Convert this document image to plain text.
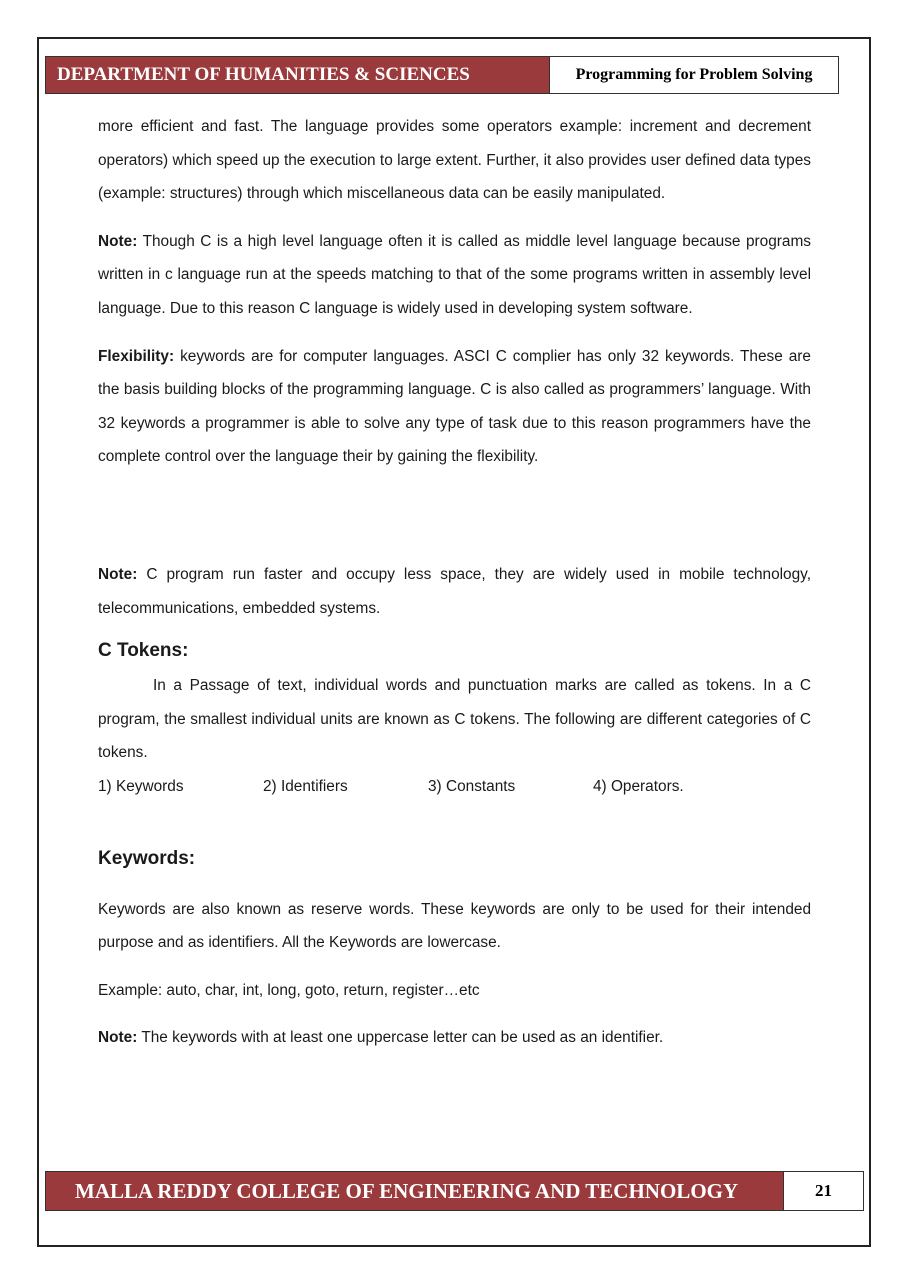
DEPARTMENT OF HUMANITIES & SCIENCES	Programming for Problem Solving

more efficient and fast. The language provides some operators example: increment and decrement operators) which speed up the execution to large extent. Further, it also provides user defined data types (example: structures) through which miscellaneous data can be easily manipulated.

Note: Though C is a high level language often it is called as middle level language because programs written in c language run at the speeds matching to that of the some programs written in assembly level language. Due to this reason C language is widely used in developing system software.

Flexibility: keywords are for computer languages. ASCI C complier has only 32 keywords. These are the basis building blocks of the programming language. C is also called as programmers’ language. With 32 keywords a programmer is able to solve any type of task due to this reason programmers have the complete control over the language their by gaining the flexibility.

Note: C program run faster and occupy less space, they are widely used in mobile technology, telecommunications, embedded systems.

C Tokens:

In a Passage of text, individual words and punctuation marks are called as tokens. In a C program, the smallest individual units are known as C tokens. The following are different categories of C tokens.

1) Keywords	2) Identifiers	3) Constants	4) Operators.

Keywords:

Keywords are also known as reserve words. These keywords are only to be used for their intended purpose and as identifiers. All the Keywords are lowercase.

Example: auto, char, int, long, goto, return, register…etc

Note: The keywords with at least one uppercase letter can be used as an identifier.

MALLA REDDY COLLEGE OF ENGINEERING AND TECHNOLOGY	21
